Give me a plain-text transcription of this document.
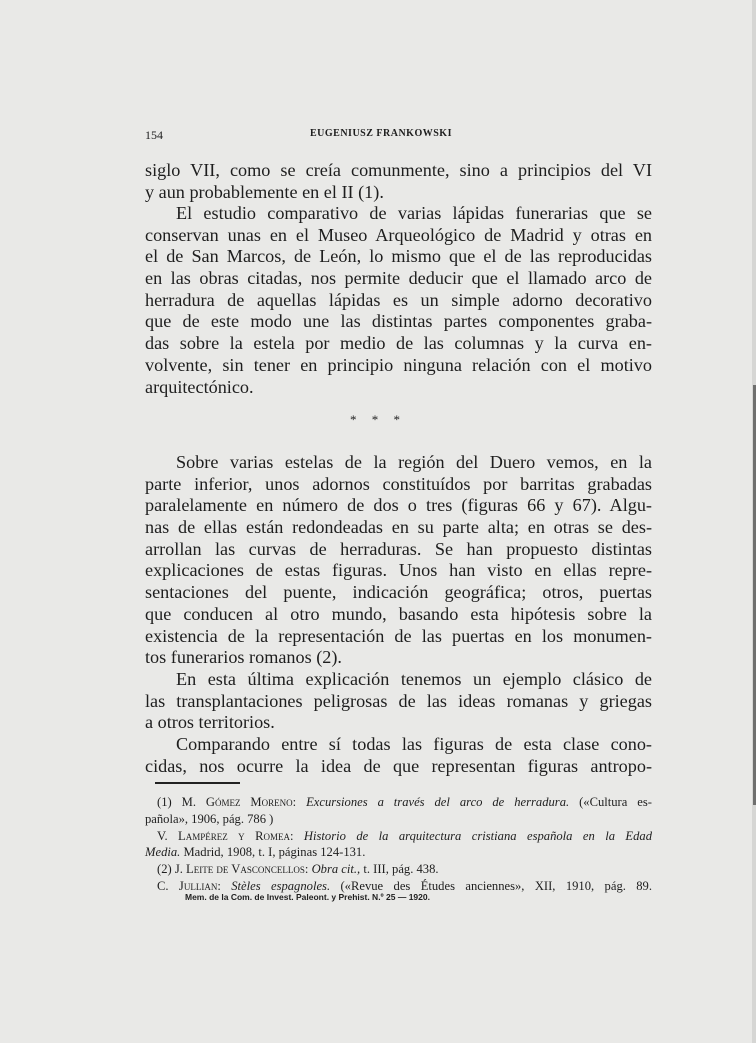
154	EUGENIUSZ FRANKOWSKI
siglo VII, como se creía comunmente, sino a principios del VI
y aun probablemente en el II (1).
El estudio comparativo de varias lápidas funerarias que se
conservan unas en el Museo Arqueológico de Madrid y otras en
el de San Marcos, de León, lo mismo que el de las reproducidas
en las obras citadas, nos permite deducir que el llamado arco de
herradura de aquellas lápidas es un simple adorno decorativo
que de este modo une las distintas partes componentes graba-
das sobre la estela por medio de las columnas y la curva en-
volvente, sin tener en principio ninguna relación con el motivo
arquitectónico.
* * *
Sobre varias estelas de la región del Duero vemos, en la
parte inferior, unos adornos constituídos por barritas grabadas
paralelamente en número de dos o tres (figuras 66 y 67). Algu-
nas de ellas están redondeadas en su parte alta; en otras se des-
arrollan las curvas de herraduras. Se han propuesto distintas
explicaciones de estas figuras. Unos han visto en ellas repre-
sentaciones del puente, indicación geográfica; otros, puertas
que conducen al otro mundo, basando esta hipótesis sobre la
existencia de la representación de las puertas en los monumen-
tos funerarios romanos (2).
En esta última explicación tenemos un ejemplo clásico de
las transplantaciones peligrosas de las ideas romanas y griegas
a otros territorios.
Comparando entre sí todas las figuras de esta clase cono-
cidas, nos ocurre la idea de que representan figuras antropo-
(1) M. Gómez Moreno: Excursiones a través del arco de herradura. («Cultura es-
pañola», 1906, pág. 786 )
V. Lampérez y Romea: Historio de la arquitectura cristiana española en la Edad
Media. Madrid, 1908, t. I, páginas 124-131.
(2) J. Leite de Vasconcellos: Obra cit., t. III, pág. 438.
C. Jullian: Stèles espagnoles. («Revue des Études anciennes», XII, 1910, pág. 89.
Mem. de la Com. de Invest. Paleont. y Prehist. N.º 25 — 1920.
